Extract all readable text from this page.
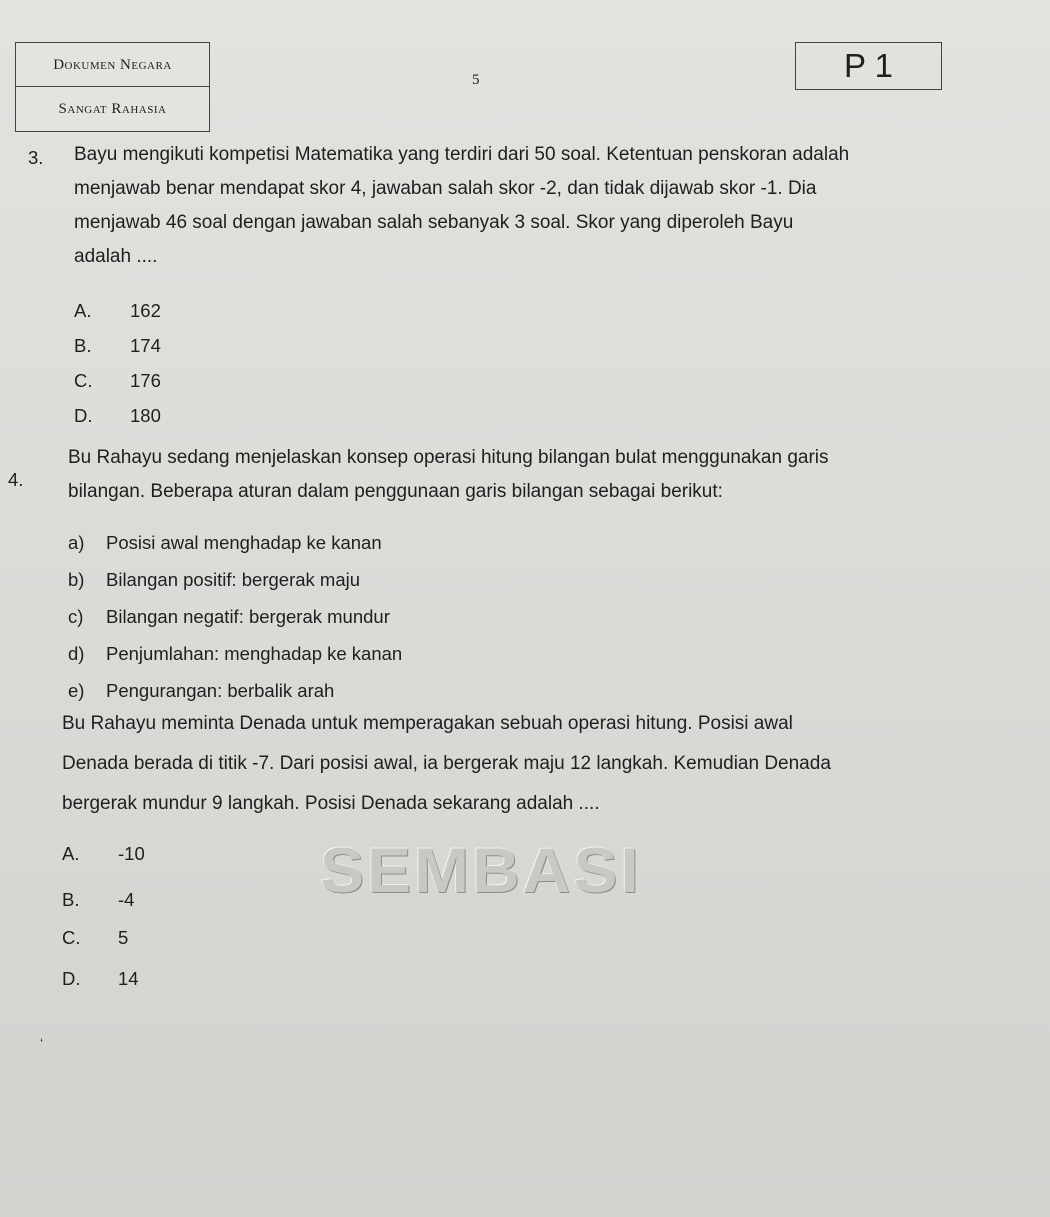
Dokumen Negara
Sangat Rahasia
5	P 1
3. Bayu mengikuti kompetisi Matematika yang terdiri dari 50 soal. Ketentuan penskoran adalah
menjawab benar mendapat skor 4, jawaban salah skor -2, dan tidak dijawab skor -1. Dia
menjawab 46 soal dengan jawaban salah sebanyak 3 soal. Skor yang diperoleh Bayu
adalah ....
A. 162
B. 174
C. 176
D. 180
4.
Bu Rahayu sedang menjelaskan konsep operasi hitung bilangan bulat menggunakan garis
bilangan. Beberapa aturan dalam penggunaan garis bilangan sebagai berikut:
a) Posisi awal menghadap ke kanan
b) Bilangan positif: bergerak maju
c) Bilangan negatif: bergerak mundur
d) Penjumlahan: menghadap ke kanan
e) Pengurangan: berbalik arah
Bu Rahayu meminta Denada untuk memperagakan sebuah operasi hitung. Posisi awal
Denada berada di titik -7. Dari posisi awal, ia bergerak maju 12 langkah. Kemudian Denada
bergerak mundur 9 langkah. Posisi Denada sekarang adalah ....
A. -10
B. -4
C. 5
D. 14
SEMBASI
‘
